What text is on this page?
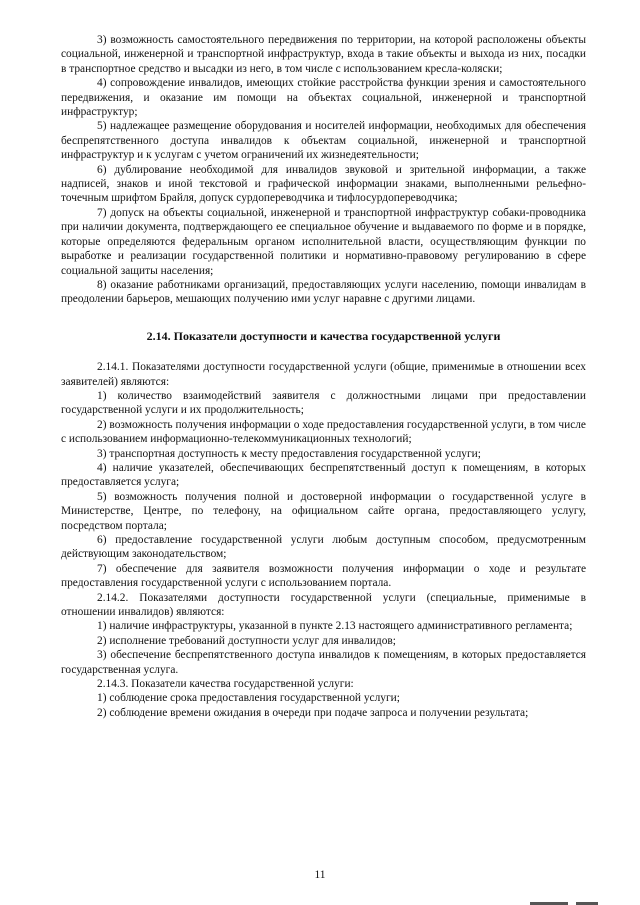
3) возможность самостоятельного передвижения по территории, на которой расположены объекты социальной, инженерной и транспортной инфраструктур, входа в такие объекты и выхода из них, посадки в транспортное средство и высадки из него, в том числе с использованием кресла-коляски;

4) сопровождение инвалидов, имеющих стойкие расстройства функции зрения и самостоятельного передвижения, и оказание им помощи на объектах социальной, инженерной и транспортной инфраструктур;

5) надлежащее размещение оборудования и носителей информации, необходимых для обеспечения беспрепятственного доступа инвалидов к объектам социальной, инженерной и транспортной инфраструктур и к услугам с учетом ограничений их жизнедеятельности;

6) дублирование необходимой для инвалидов звуковой и зрительной информации, а также надписей, знаков и иной текстовой и графической информации знаками, выполненными рельефно-точечным шрифтом Брайля, допуск сурдопереводчика и тифлосурдопереводчика;

7) допуск на объекты социальной, инженерной и транспортной инфраструктур собаки-проводника при наличии документа, подтверждающего ее специальное обучение и выдаваемого по форме и в порядке, которые определяются федеральным органом исполнительной власти, осуществляющим функции по выработке и реализации государственной политики и нормативно-правовому регулированию в сфере социальной защиты населения;

8) оказание работниками организаций, предоставляющих услуги населению, помощи инвалидам в преодолении барьеров, мешающих получению ими услуг наравне с другими лицами.

2.14. Показатели доступности и качества государственной услуги

2.14.1. Показателями доступности государственной услуги (общие, применимые в отношении всех заявителей) являются:

1) количество взаимодействий заявителя с должностными лицами при предоставлении государственной услуги и их продолжительность;

2) возможность получения информации о ходе предоставления государственной услуги, в том числе с использованием информационно-телекоммуникационных технологий;

3) транспортная доступность к месту предоставления государственной услуги;

4) наличие указателей, обеспечивающих беспрепятственный доступ к помещениям, в которых предоставляется услуга;

5) возможность получения полной и достоверной информации о государственной услуге в Министерстве, Центре, по телефону, на официальном сайте органа, предоставляющего услугу, посредством портала;

6) предоставление государственной услуги любым доступным способом, предусмотренным действующим законодательством;

7) обеспечение для заявителя возможности получения информации о ходе и результате предоставления государственной услуги с использованием портала.

2.14.2. Показателями доступности государственной услуги (специальные, применимые в отношении инвалидов) являются:

1) наличие инфраструктуры, указанной в пункте 2.13 настоящего административного регламента;

2) исполнение требований доступности услуг для инвалидов;

3) обеспечение беспрепятственного доступа инвалидов к помещениям, в которых предоставляется государственная услуга.

2.14.3. Показатели качества государственной услуги:

1) соблюдение срока предоставления государственной услуги;

2) соблюдение времени ожидания в очереди при подаче запроса и получении результата;

11
